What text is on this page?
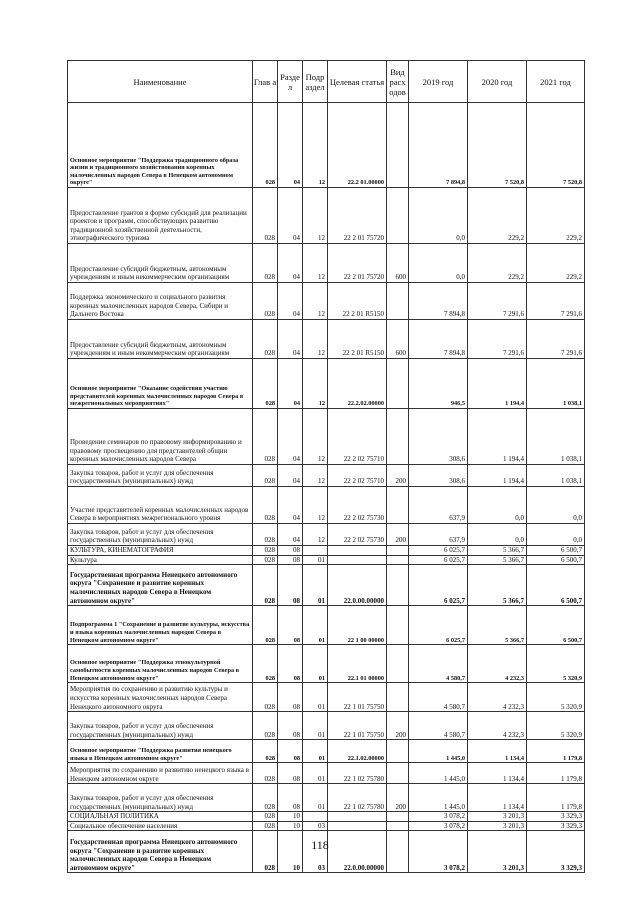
Наименование	Глав а	Разде л	Подр аздел	Целевая статья	Вид расх одов	2019 год	2020 год	2021 год
Основное мероприятие "Поддержка традиционного образа жизни и традиционного хозяйствования коренных малочисленных народов Севера в Ненецком автономном округе"	028	04	12	22.2 01.00000		7 894,8	7 520,8	7 520,8
Предоставление грантов в форме субсидий для реализации проектов и программ, способствующих развитию традиционной хозяйственной деятельности, этнографического туризма	028	04	12	22 2 01 75720		0,0	229,2	229,2
Предоставление субсидий бюджетным, автономным учреждениям и иным некоммерческим организациям	028	04	12	22 2 01 75720	600	0,0	229,2	229,2
Поддержка экономического и социального развития коренных малочисленных народов Севера, Сибири и Дальнего Востока	028	04	12	22 2 01 R5150		7 894,8	7 291,6	7 291,6
Предоставление субсидий бюджетным, автономным учреждениям и иным некоммерческим организациям	028	04	12	22 2 01 R5150	600	7 894,8	7 291,6	7 291,6
Основное мероприятие "Оказание содействия участию представителей коренных малочисленных народов Севера в межрегиональных мероприятиях"	028	04	12	22.2.02.00000		946,5	1 194,4	1 038,1
Проведение семинаров по правовому информированию и правовому просвещению для представителей общин коренных малочисленных народов Севера	028	04	12	22 2 02 75710		308,6	1 194,4	1 038,1
Закупка товаров, работ и услуг для обеспечения государственных (муниципальных) нужд	028	04	12	22 2 02 75710	200	308,6	1 194,4	1 038,1
Участие представителей коренных малочисленных народов Севера в мероприятиях межрегионального уровня	028	04	12	22 2 02 75730		637,9	0,0	0,0
Закупка товаров, работ и услуг для обеспечения государственных (муниципальных) нужд	028	04	12	22 2 02 75730	200	637,9	0,0	0,0
КУЛЬТУРА, КИНЕМАТОГРАФИЯ	028	08				6 025,7	5 366,7	6 500,7
Культура	028	08	01			6 025,7	5 366,7	6 500,7
Государственная программа Ненецкого автономного округа "Сохранение и развитие коренных малочисленных народов Севера в Ненецком автономном округе"	028	08	01	22.0.00.00000		6 025,7	5 366,7	6 500,7
Подпрограмма 1 "Сохранение и развитие культуры, искусства и языка коренных малочисленных народов Севера в Ненецком автономном округе"	028	08	01	22 1 00 00000		6 025,7	5 366,7	6 500,7
Основное мероприятие "Поддержка этнокультурной самобытности коренных малочисленных народов Севера в Ненецком автономном округе"	028	08	01	22.1 01 00000		4 580,7	4 232,3	5 320,9
Мероприятия по сохранению и развитию культуры и искусства коренных малочисленных народов Севера Ненецкого автономного округа	028	08	01	22 1 01 75750		4 580,7	4 232,3	5 320,9
Закупка товаров, работ и услуг для обеспечения государственных (муниципальных) нужд	028	08	01	22 1 01 75750	200	4 580,7	4 232,3	5 320,9
Основное мероприятие "Поддержка развития ненецкого языка в Ненецком автономном округе"	028	08	01	22.1.02.00000		1 445,0	1 134,4	1 179,8
Мероприятия по сохранению и развитию ненецкого языка в Ненецком автономном округе	028	08	01	22 1 02 75780		1 445,0	1 134,4	1 179,8
Закупка товаров, работ и услуг для обеспечения государственных (муниципальных) нужд	028	08	01	22 1 02 75780	200	1 445,0	1 134,4	1 179,8
СОЦИАЛЬНАЯ ПОЛИТИКА	028	10				3 078,2	3 201,3	3 329,3
Социальное обеспечение населения	028	10	03			3 078,2	3 201,3	3 329,3
Государственная программа Ненецкого автономного округа "Сохранение и развитие коренных малочисленных народов Севера в Ненецком автономном округе"	028	10	03	22.0.00.00000		3 078,2	3 201,3	3 329,3
118
